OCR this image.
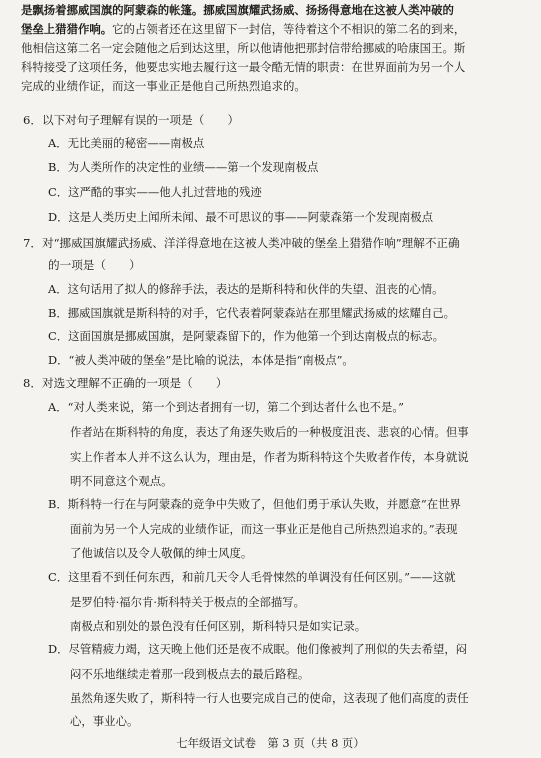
是飘扬着挪威国旗的阿蒙森的帐篷。挪威国旗耀武扬威、扬扬得意地在这被人类冲破的
堡垒上猎猎作响。它的占领者还在这里留下一封信，等待着这个不相识的第二名的到来，
他相信这第二名一定会随他之后到达这里，所以他请他把那封信带给挪威的哈康国王。斯
科特接受了这项任务，他要忠实地去履行这一最令酷无情的职责：在世界面前为另一个人
完成的业绩作证，而这一事业正是他自己所热烈追求的。
6．以下对句子理解有误的一项是（　　）
A．无比美丽的秘密——南极点
B．为人类所作的决定性的业绩——第一个发现南极点
C．这严酷的事实——他人扎过营地的残迹
D．这是人类历史上闻所未闻、最不可思议的事——阿蒙森第一个发现南极点
7．对“挪威国旗耀武扬威、洋洋得意地在这被人类冲破的堡垒上猎猎作响”理解不正确
的一项是（　　）
A．这句话用了拟人的修辞手法，表达的是斯科特和伙伴的失望、沮丧的心情。
B．挪威国旗就是斯科特的对手，它代表着阿蒙森站在那里耀武扬威的炫耀自己。
C．这面国旗是挪威国旗，是阿蒙森留下的，作为他第一个到达南极点的标志。
D．“被人类冲破的堡垒”是比喻的说法，本体是指“南极点”。
8．对选文理解不正确的一项是（　　）
A．“对人类来说，第一个到达者拥有一切，第二个到达者什么也不是。”
作者站在斯科特的角度，表达了角逐失败后的一种极度沮丧、悲哀的心情。但事
实上作者本人并不这么认为，理由是，作者为斯科特这个失败者作传，本身就说
明不同意这个观点。
B．斯科特一行在与阿蒙森的竞争中失败了，但他们勇于承认失败，并愿意“在世界
面前为另一个人完成的业绩作证，而这一事业正是他自己所热烈追求的。”表现
了他诚信以及令人敬佩的绅士风度。
C．这里看不到任何东西，和前几天令人毛骨悚然的单调没有任何区别。”——这就
是罗伯特·福尔肯·斯科特关于极点的全部描写。
南极点和别处的景色没有任何区别，斯科特只是如实记录。
D．尽管精疲力竭，这天晚上他们还是夜不成眠。他们像被判了刑似的失去希望，闷
闷不乐地继续走着那一段到极点去的最后路程。
虽然角逐失败了，斯科特一行人也要完成自己的使命，这表现了他们高度的责任
心，事业心。
七年级语文试卷　第 3 页（共 8 页）
